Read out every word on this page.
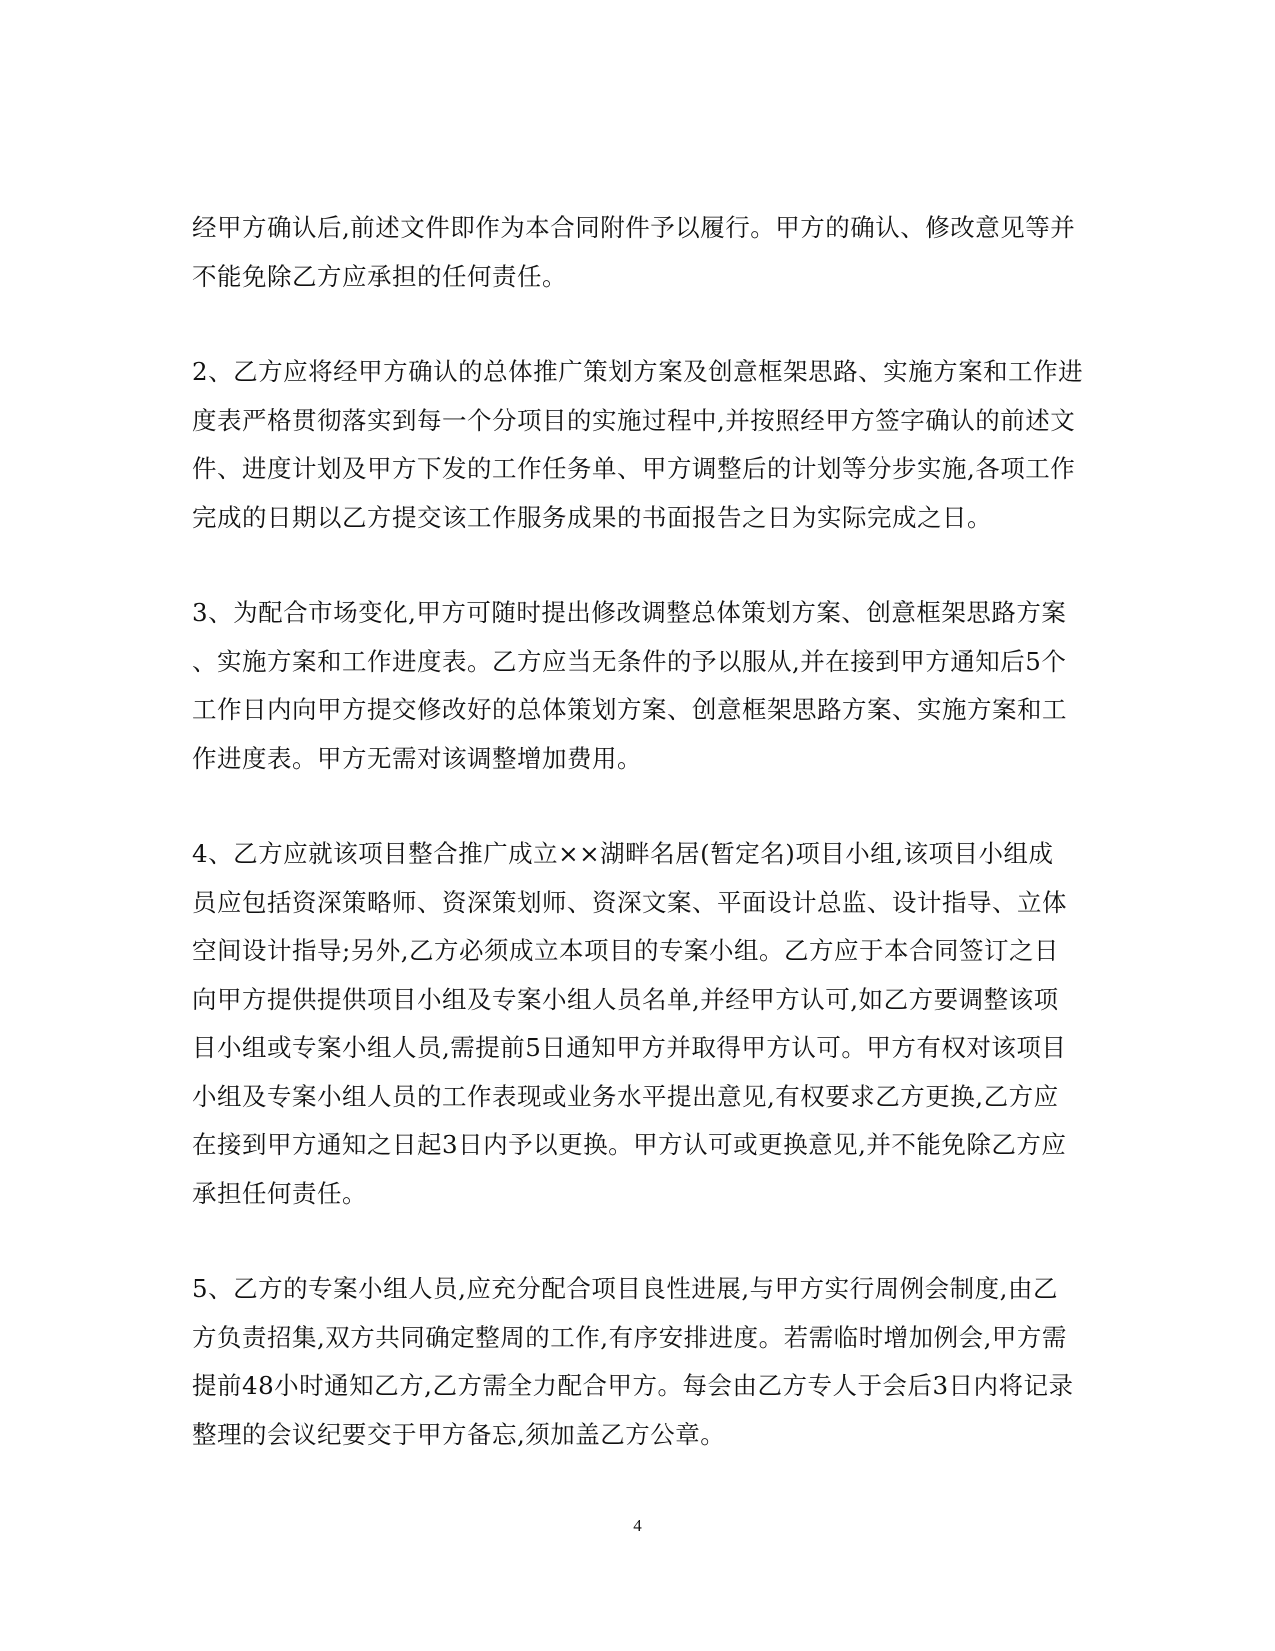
经甲方确认后,前述文件即作为本合同附件予以履行。甲方的确认、修改意见等并
不能免除乙方应承担的任何责任。
2、乙方应将经甲方确认的总体推广策划方案及创意框架思路、实施方案和工作进
度表严格贯彻落实到每一个分项目的实施过程中,并按照经甲方签字确认的前述文
件、进度计划及甲方下发的工作任务单、甲方调整后的计划等分步实施,各项工作
完成的日期以乙方提交该工作服务成果的书面报告之日为实际完成之日。
3、为配合市场变化,甲方可随时提出修改调整总体策划方案、创意框架思路方案
、实施方案和工作进度表。乙方应当无条件的予以服从,并在接到甲方通知后5个
工作日内向甲方提交修改好的总体策划方案、创意框架思路方案、实施方案和工
作进度表。甲方无需对该调整增加费用。
4、乙方应就该项目整合推广成立××湖畔名居(暂定名)项目小组,该项目小组成
员应包括资深策略师、资深策划师、资深文案、平面设计总监、设计指导、立体
空间设计指导;另外,乙方必须成立本项目的专案小组。乙方应于本合同签订之日
向甲方提供提供项目小组及专案小组人员名单,并经甲方认可,如乙方要调整该项
目小组或专案小组人员,需提前5日通知甲方并取得甲方认可。甲方有权对该项目
小组及专案小组人员的工作表现或业务水平提出意见,有权要求乙方更换,乙方应
在接到甲方通知之日起3日内予以更换。甲方认可或更换意见,并不能免除乙方应
承担任何责任。
5、乙方的专案小组人员,应充分配合项目良性进展,与甲方实行周例会制度,由乙
方负责招集,双方共同确定整周的工作,有序安排进度。若需临时增加例会,甲方需
提前48小时通知乙方,乙方需全力配合甲方。每会由乙方专人于会后3日内将记录
整理的会议纪要交于甲方备忘,须加盖乙方公章。
4
